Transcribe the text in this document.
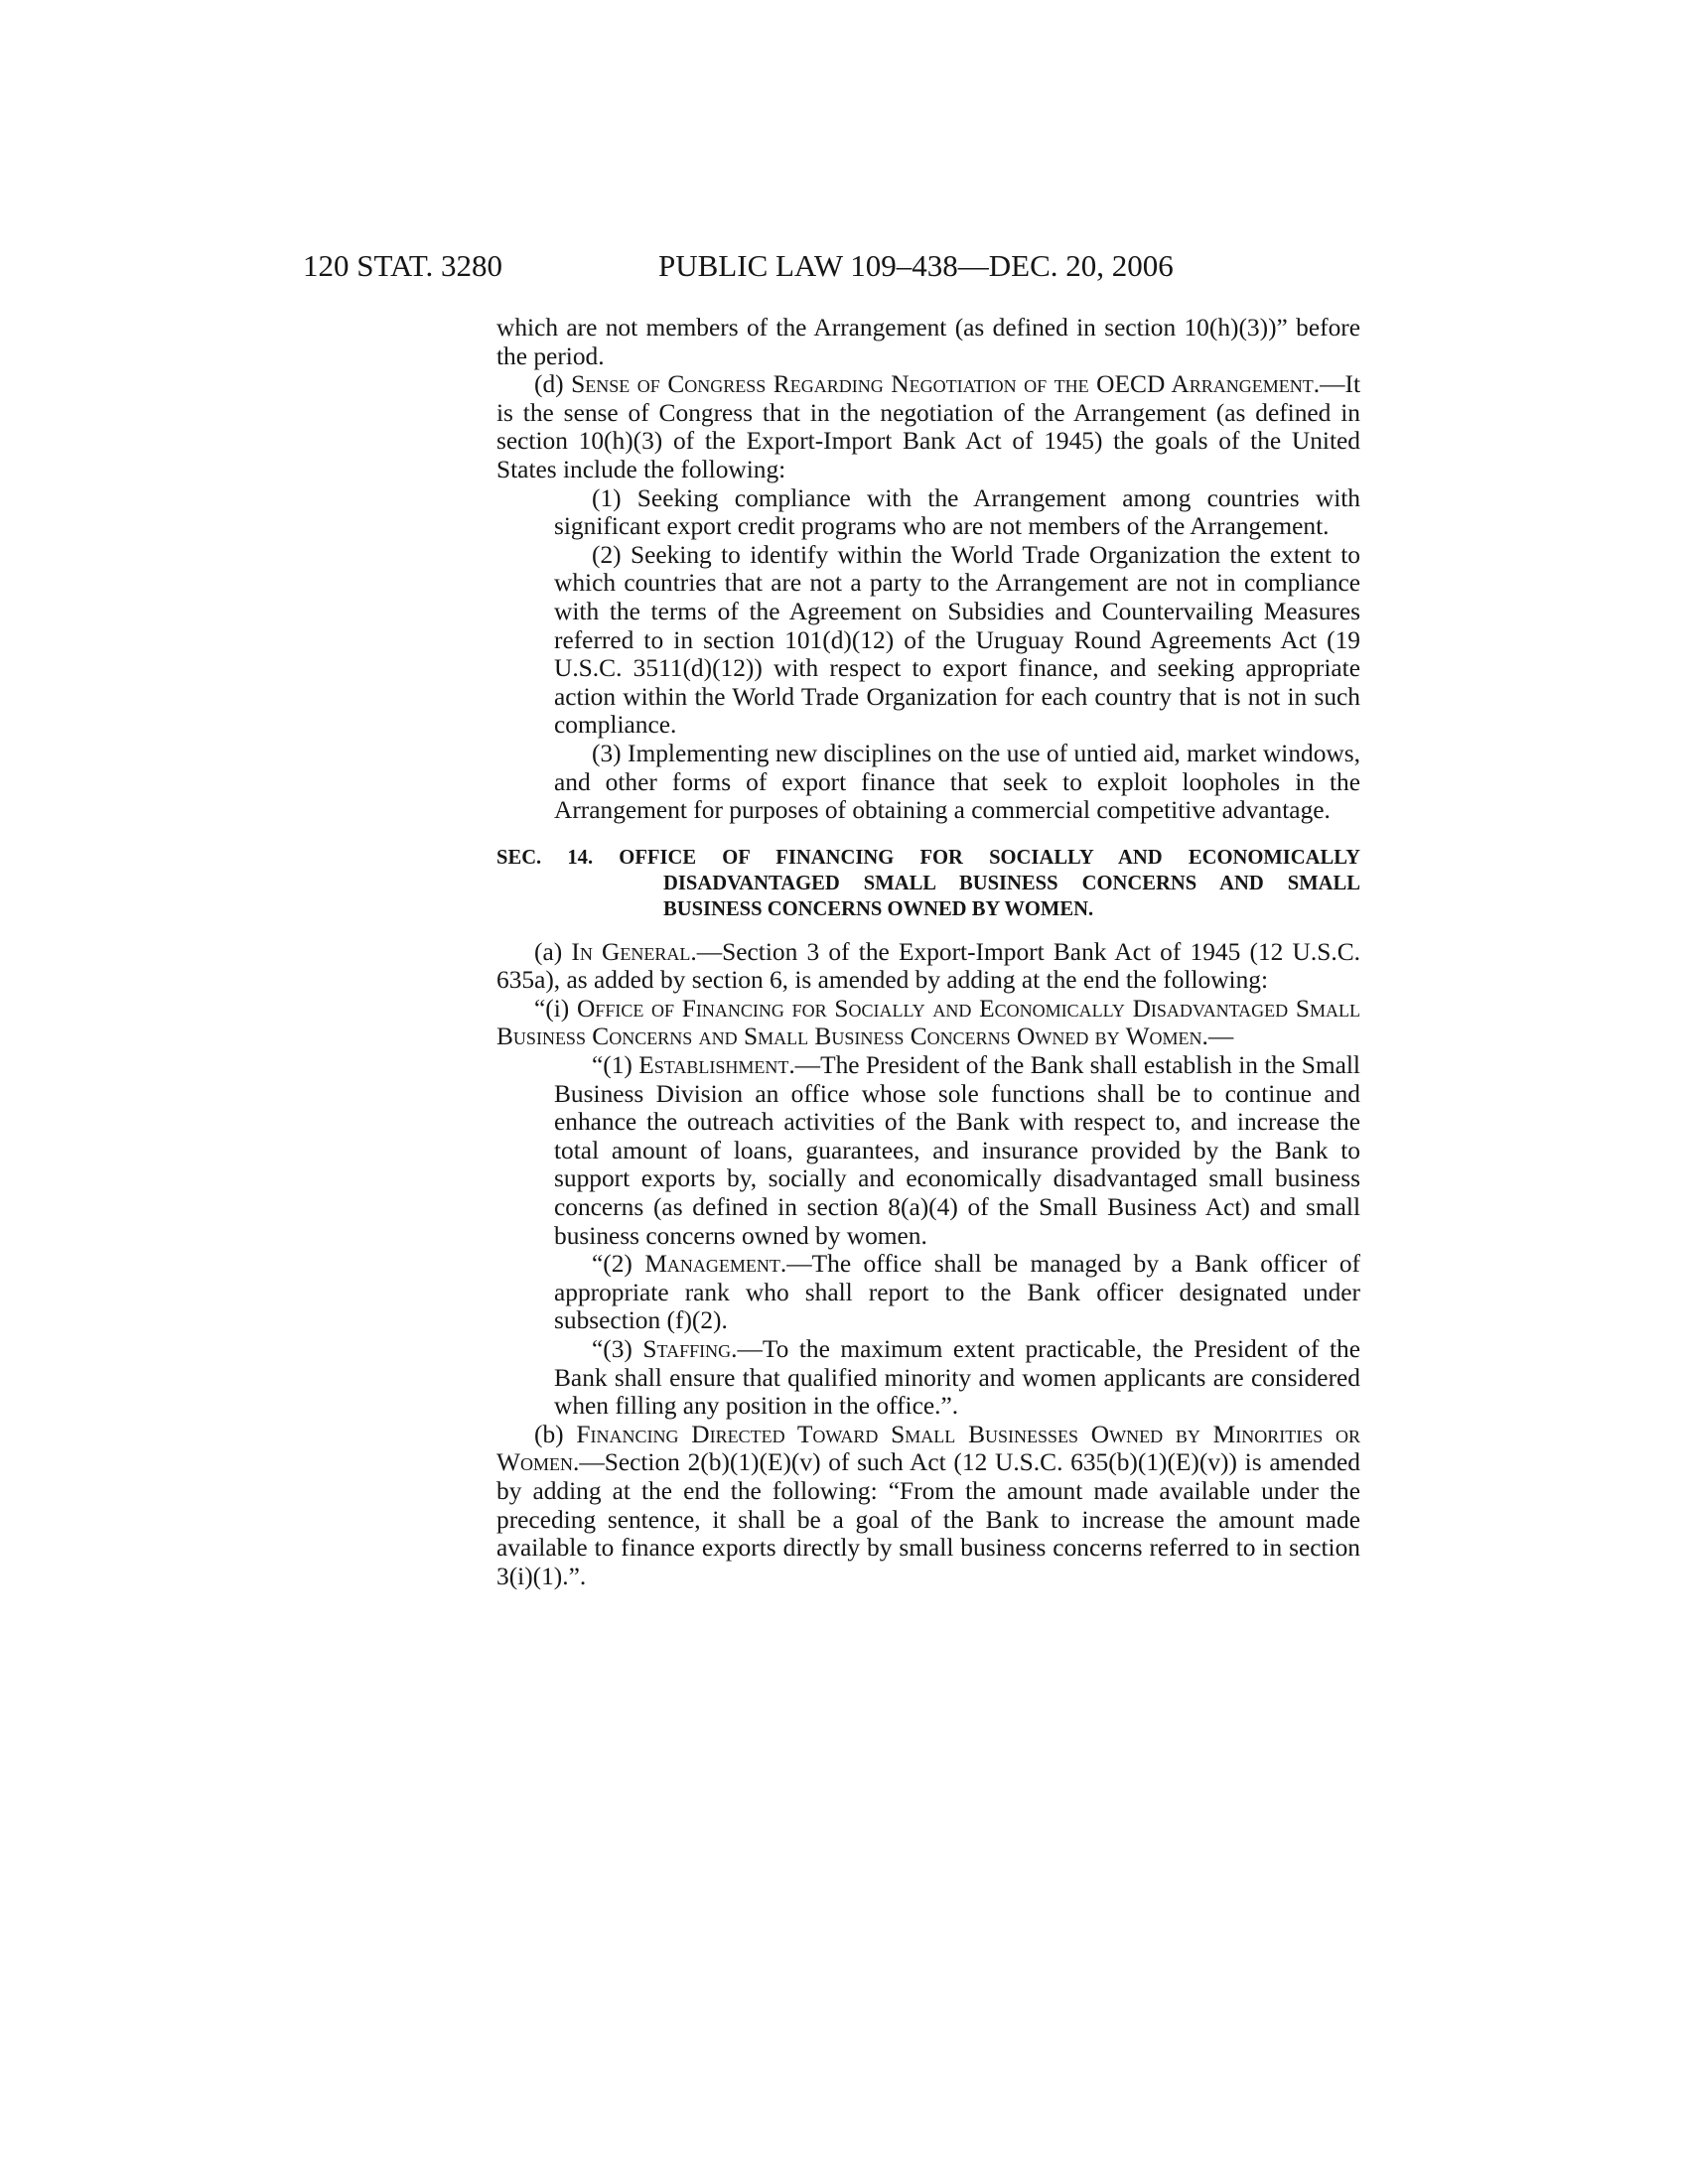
120 STAT. 3280	PUBLIC LAW 109–438—DEC. 20, 2006

which are not members of the Arrangement (as defined in section 10(h)(3))” before the period.

(d) Sense of Congress Regarding Negotiation of the OECD Arrangement.—It is the sense of Congress that in the negotiation of the Arrangement (as defined in section 10(h)(3) of the Export-Import Bank Act of 1945) the goals of the United States include the following:

(1) Seeking compliance with the Arrangement among countries with significant export credit programs who are not members of the Arrangement.

(2) Seeking to identify within the World Trade Organization the extent to which countries that are not a party to the Arrangement are not in compliance with the terms of the Agreement on Subsidies and Countervailing Measures referred to in section 101(d)(12) of the Uruguay Round Agreements Act (19 U.S.C. 3511(d)(12)) with respect to export finance, and seeking appropriate action within the World Trade Organization for each country that is not in such compliance.

(3) Implementing new disciplines on the use of untied aid, market windows, and other forms of export finance that seek to exploit loopholes in the Arrangement for purposes of obtaining a commercial competitive advantage.

SEC. 14. OFFICE OF FINANCING FOR SOCIALLY AND ECONOMICALLY DISADVANTAGED SMALL BUSINESS CONCERNS AND SMALL BUSINESS CONCERNS OWNED BY WOMEN.

(a) In General.—Section 3 of the Export-Import Bank Act of 1945 (12 U.S.C. 635a), as added by section 6, is amended by adding at the end the following:

“(i) Office of Financing for Socially and Economically Disadvantaged Small Business Concerns and Small Business Concerns Owned by Women.—

“(1) Establishment.—The President of the Bank shall establish in the Small Business Division an office whose sole functions shall be to continue and enhance the outreach activities of the Bank with respect to, and increase the total amount of loans, guarantees, and insurance provided by the Bank to support exports by, socially and economically disadvantaged small business concerns (as defined in section 8(a)(4) of the Small Business Act) and small business concerns owned by women.

“(2) Management.—The office shall be managed by a Bank officer of appropriate rank who shall report to the Bank officer designated under subsection (f)(2).

“(3) Staffing.—To the maximum extent practicable, the President of the Bank shall ensure that qualified minority and women applicants are considered when filling any position in the office.”.

(b) Financing Directed Toward Small Businesses Owned by Minorities or Women.—Section 2(b)(1)(E)(v) of such Act (12 U.S.C. 635(b)(1)(E)(v)) is amended by adding at the end the following: “From the amount made available under the preceding sentence, it shall be a goal of the Bank to increase the amount made available to finance exports directly by small business concerns referred to in section 3(i)(1).”.
